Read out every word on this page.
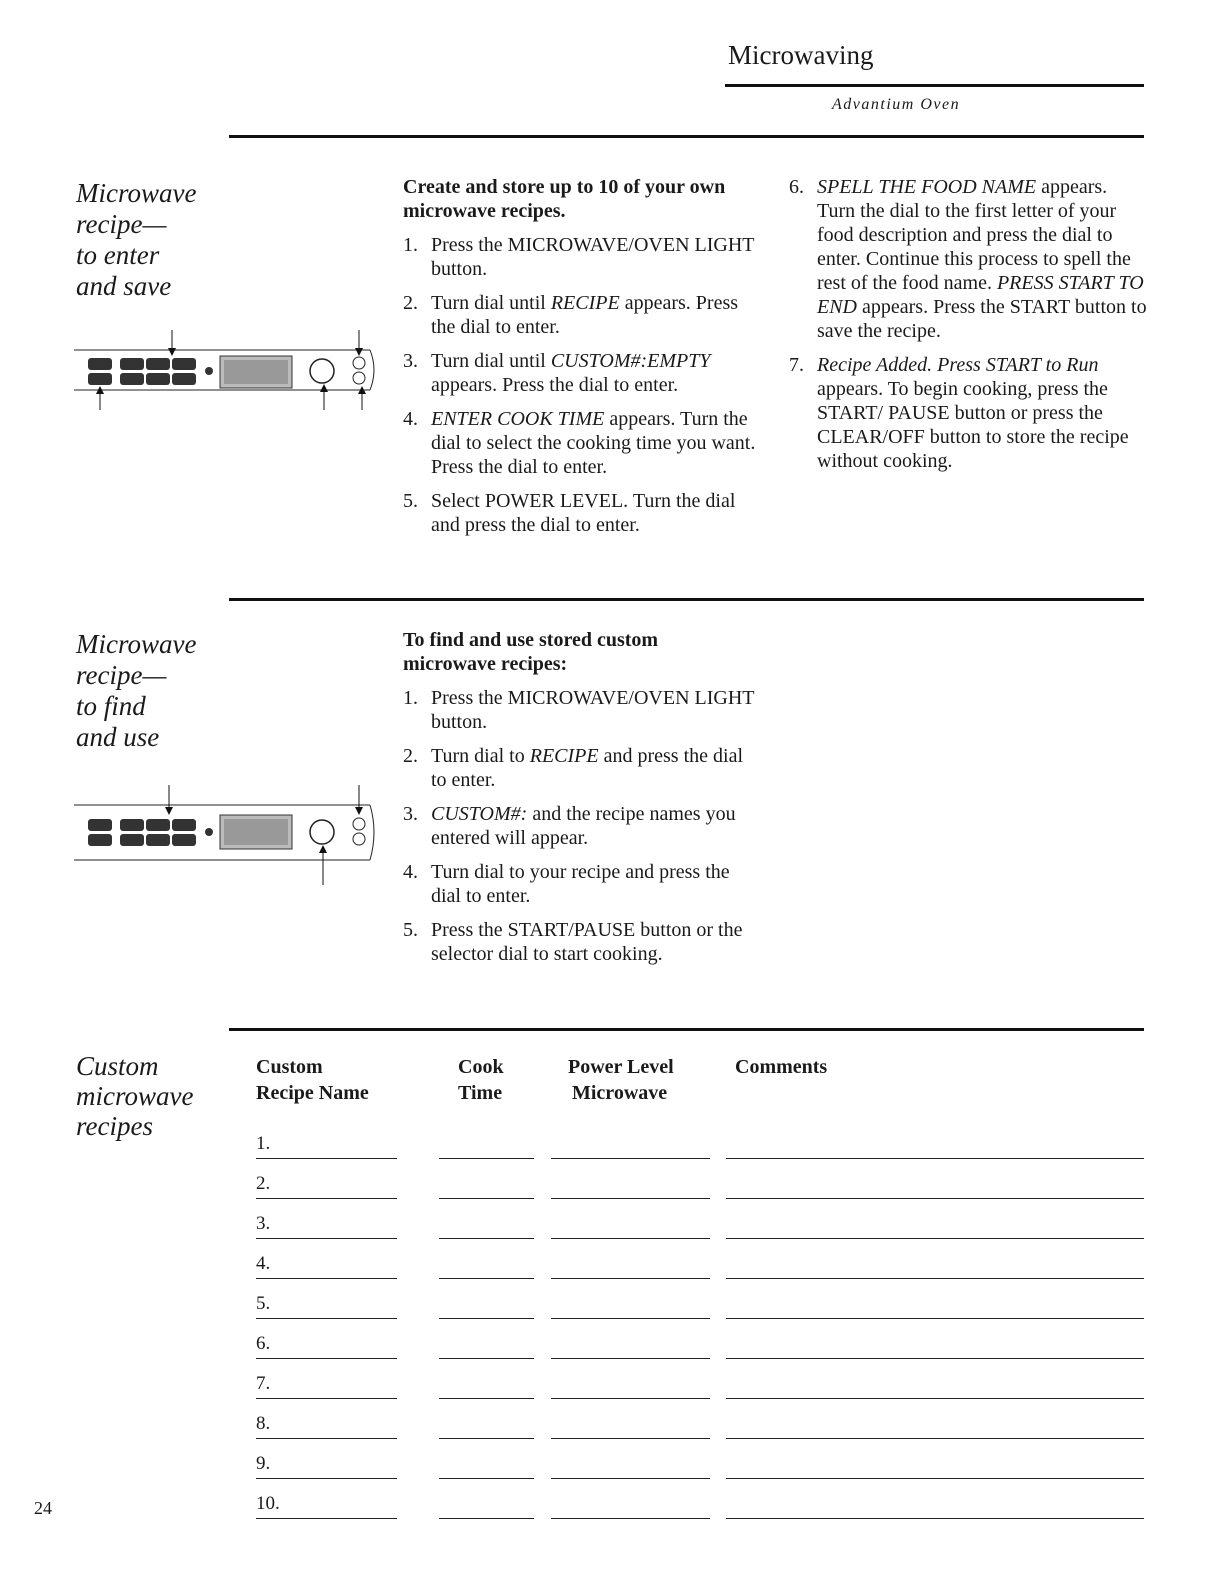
Microwaving
Advantium Oven
Microwave
recipe—
to enter
and save
Create and store up to 10 of your own microwave recipes.
1. Press the MICROWAVE/OVEN LIGHT button.
2. Turn dial until RECIPE appears. Press the dial to enter.
3. Turn dial until CUSTOM#:EMPTY appears. Press the dial to enter.
4. ENTER COOK TIME appears. Turn the dial to select the cooking time you want. Press the dial to enter.
5. Select POWER LEVEL. Turn the dial and press the dial to enter.
6. SPELL THE FOOD NAME appears. Turn the dial to the first letter of your food description and press the dial to enter. Continue this process to spell the rest of the food name. PRESS START TO END appears. Press the START button to save the recipe.
7. Recipe Added. Press START to Run appears. To begin cooking, press the START/ PAUSE button or press the CLEAR/OFF button to store the recipe without cooking.
Microwave
recipe—
to find
and use
To find and use stored custom microwave recipes:
1. Press the MICROWAVE/OVEN LIGHT button.
2. Turn dial to RECIPE and press the dial to enter.
3. CUSTOM#: and the recipe names you entered will appear.
4. Turn dial to your recipe and press the dial to enter.
5. Press the START/PAUSE button or the selector dial to start cooking.
Custom
microwave
recipes
Custom
Recipe Name
Cook
Time
Power Level
Microwave
Comments
1.
2.
3.
4.
5.
6.
7.
8.
9.
10.
24
